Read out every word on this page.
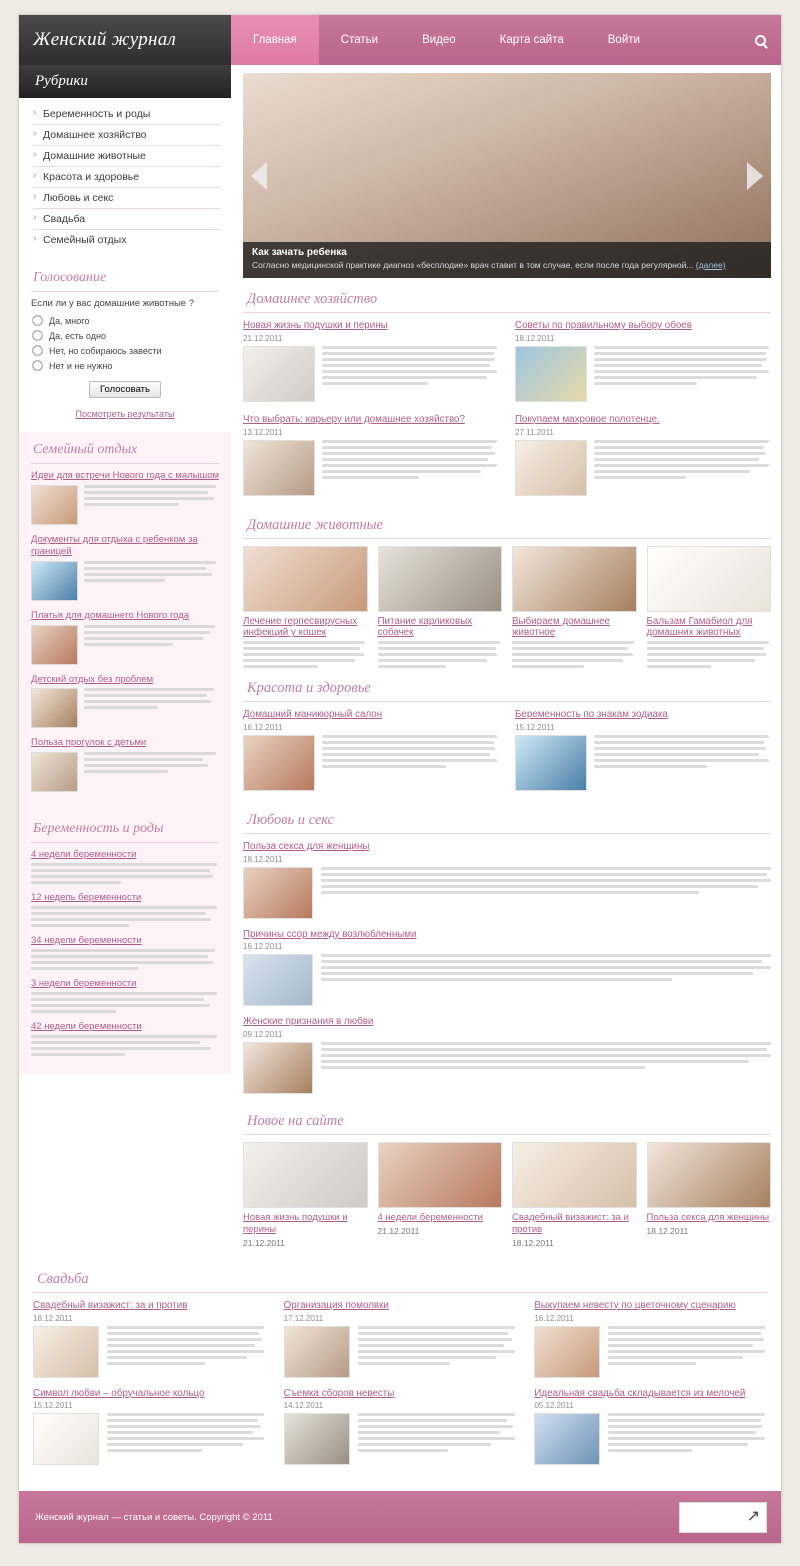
Женский журнал	Главная	Статьи	Видео	Карта сайта	Войти
Рубрики
› Беременность и роды
› Домашнее хозяйство
› Домашние животные
› Красота и здоровье
› Любовь и секс
› Свадьба
› Семейный отдых
Голосование
Если ли у вас домашние животные ?
Да, много
Да, есть одно
Нет, но собираюсь завести
Нет и не нужно
Голосовать
Посмотреть результаты
Семейный отдых
Идеи для встречи Нового года с малышом
Документы для отдыха с ребенком за границей
Платья для домашнего Нового года
Детский отдых без проблем
Польза прогулок с детьми
Беременность и роды
4 недели беременности
12 недель беременности
34 недели беременности
3 недели беременности
42 недели беременности
Как зачать ребенка
Согласно медицинской практике диагноз «бесплодие» врач ставит в том случае, если после года регулярной... (далее)
Домашнее хозяйство
Новая жизнь подушки и перины
21.12.2011
Что выбрать: карьеру или домашнее хозяйство?
13.12.2011
Советы по правильному выбору обоев
18.12.2011
Покупаем махровое полотенце.
27.11.2011
Домашние животные
Лечение герпесвирусных инфекций у кошек
Питание карликовых собачек
Выбираем домашнее животное
Бальзам Гамабиол для домашних животных
Красота и здоровье
Домашний маникюрный салон
16.12.2011
Беременность по знакам зодиака
15.12.2011
Любовь и секс
Польза секса для женщины
18.12.2011
Причины ссор между возлюбленными
16.12.2011
Женские признания в любви
09.12.2011
Новое на сайте
Новая жизнь подушки и перины
21.12.2011
4 недели беременности
21.12.2011
Свадебный визажист: за и против
18.12.2011
Польза секса для женщины
18.12.2011
Свадьба
Свадебный визажист: за и против
18.12.2011
Организация помолвки
17.12.2011
Выкупаем невесту по цветочному сценарию
16.12.2011
Символ любви – обручальное кольцо
15.12.2011
Съемка сборов невесты
14.12.2011
Идеальная свадьба складывается из мелочей
05.12.2011
Женский журнал — статьи и советы. Copyright © 2011
↗
